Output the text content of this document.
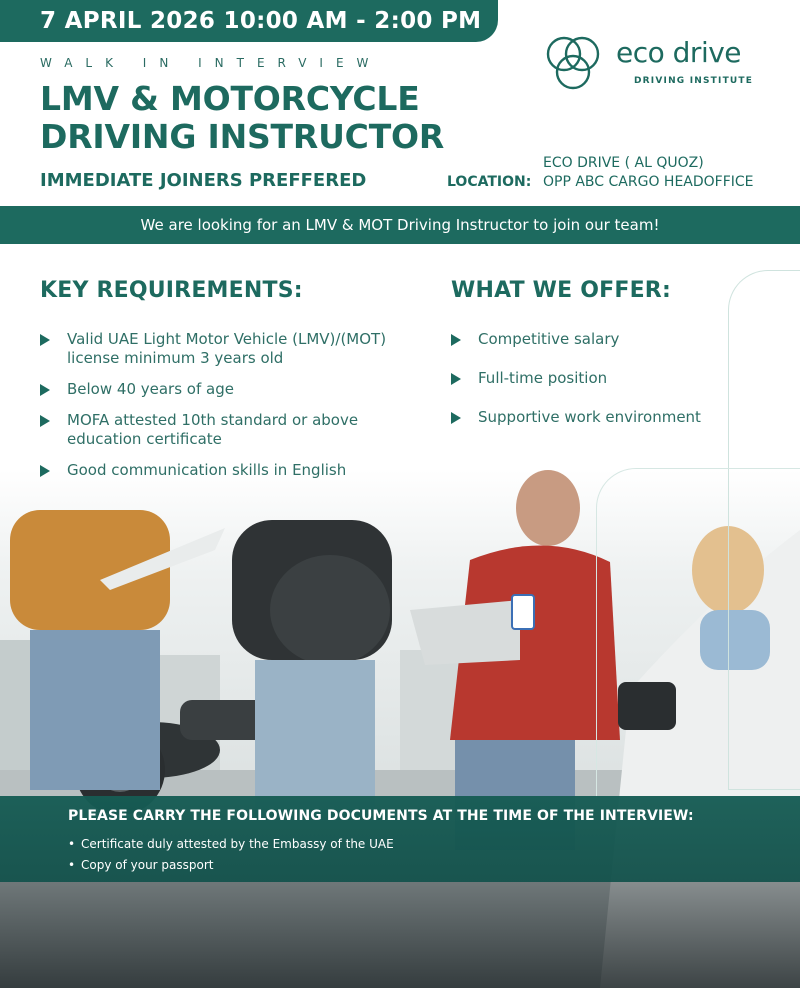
7 APRIL 2026 10:00 AM - 2:00 PM
WALK IN INTERVIEW
LMV & MOTORCYCLE
DRIVING INSTRUCTOR
IMMEDIATE JOINERS PREFFERED
eco drive
DRIVING INSTITUTE
LOCATION:
ECO DRIVE ( AL QUOZ)
OPP ABC CARGO HEADOFFICE
We are looking for an LMV & MOT Driving Instructor to join our team!
KEY REQUIREMENTS:
Valid UAE Light Motor Vehicle (LMV)/(MOT)
license minimum 3 years old
Below 40 years of age
MOFA attested 10th standard or above
education certificate
Good communication skills in English
WHAT WE OFFER:
Competitive salary
Full-time position
Supportive work environment
PLEASE CARRY THE FOLLOWING DOCUMENTS AT THE TIME OF THE INTERVIEW:
• Certificate duly attested by the Embassy of the UAE
• Copy of your passport
